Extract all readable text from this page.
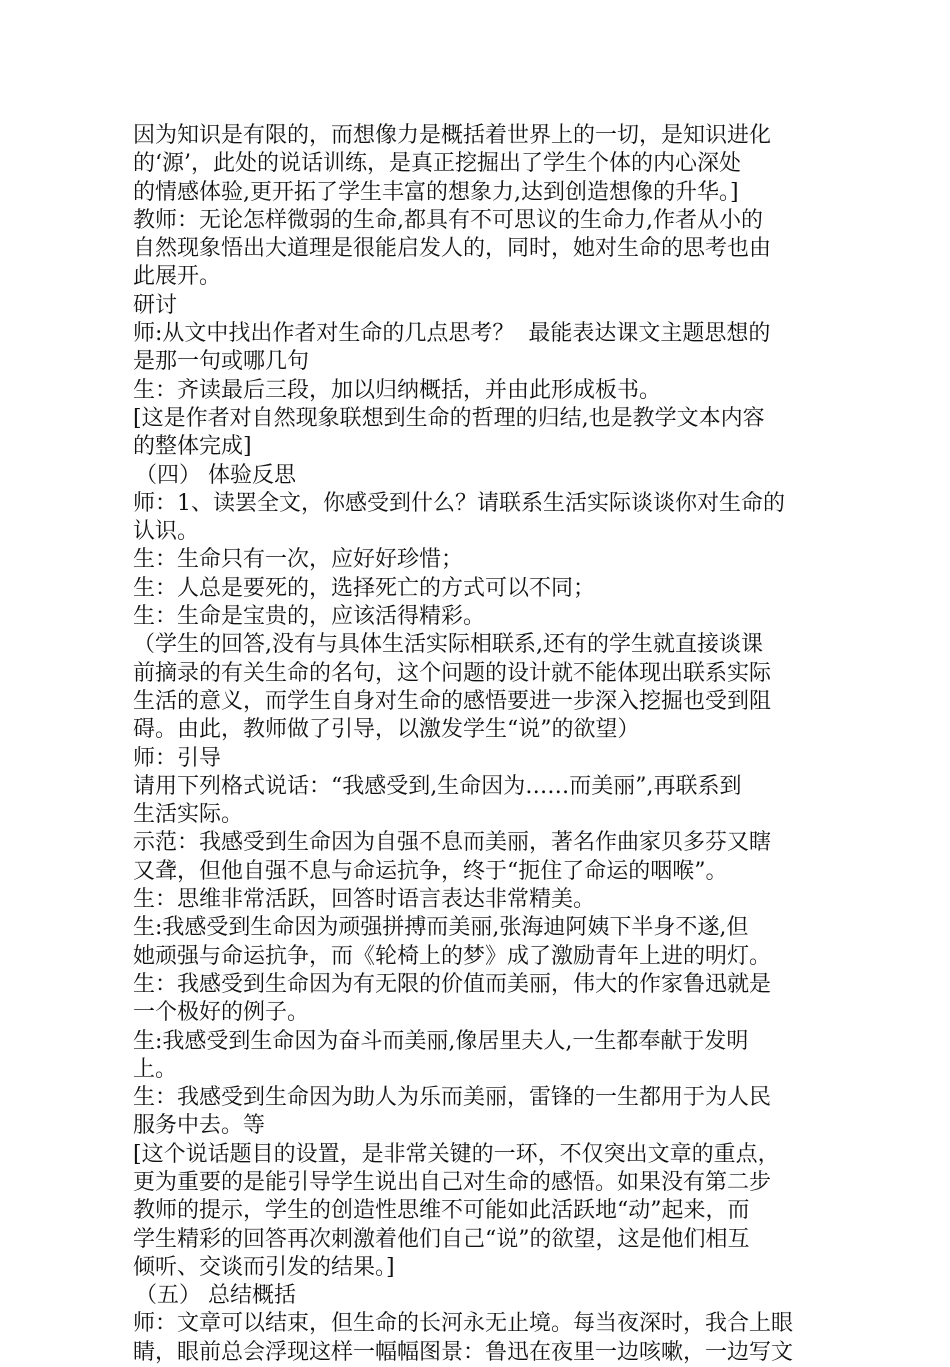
因为知识是有限的，而想像力是概括着世界上的一切，是知识进化
的‘源’，此处的说话训练，是真正挖掘出了学生个体的内心深处
的情感体验,更开拓了学生丰富的想象力,达到创造想像的升华。]
教师：无论怎样微弱的生命,都具有不可思议的生命力,作者从小的
自然现象悟出大道理是很能启发人的，同时，她对生命的思考也由
此展开。
研讨
师:从文中找出作者对生命的几点思考？  最能表达课文主题思想的
是那一句或哪几句
生：齐读最后三段，加以归纳概括，并由此形成板书。
[这是作者对自然现象联想到生命的哲理的归结,也是教学文本内容
的整体完成]
（四） 体验反思
师：1、读罢全文，你感受到什么？请联系生活实际谈谈你对生命的
认识。
生：生命只有一次，应好好珍惜；
生：人总是要死的，选择死亡的方式可以不同；
生：生命是宝贵的，应该活得精彩。
（学生的回答,没有与具体生活实际相联系,还有的学生就直接谈课
前摘录的有关生命的名句，这个问题的设计就不能体现出联系实际
生活的意义，而学生自身对生命的感悟要进一步深入挖掘也受到阻
碍。由此，教师做了引导，以激发学生“说”的欲望）
师：引导
请用下列格式说话：“我感受到,生命因为……而美丽”,再联系到
生活实际。
示范：我感受到生命因为自强不息而美丽，著名作曲家贝多芬又瞎
又聋，但他自强不息与命运抗争，终于“扼住了命运的咽喉”。
生：思维非常活跃，回答时语言表达非常精美。
生:我感受到生命因为顽强拼搏而美丽,张海迪阿姨下半身不遂,但
她顽强与命运抗争，而《轮椅上的梦》成了激励青年上进的明灯。
生：我感受到生命因为有无限的价值而美丽，伟大的作家鲁迅就是
一个极好的例子。
生:我感受到生命因为奋斗而美丽,像居里夫人,一生都奉献于发明
上。
生：我感受到生命因为助人为乐而美丽，雷锋的一生都用于为人民
服务中去。等
[这个说话题目的设置，是非常关键的一环，不仅突出文章的重点，
更为重要的是能引导学生说出自己对生命的感悟。如果没有第二步
教师的提示，学生的创造性思维不可能如此活跃地“动”起来，而
学生精彩的回答再次刺激着他们自己“说”的欲望，这是他们相互
倾听、交谈而引发的结果。]
（五） 总结概括
师：文章可以结束，但生命的长河永无止境。每当夜深时，我合上眼
睛，眼前总会浮现这样一幅幅图景：鲁迅在夜里一边咳嗽，一边写文
